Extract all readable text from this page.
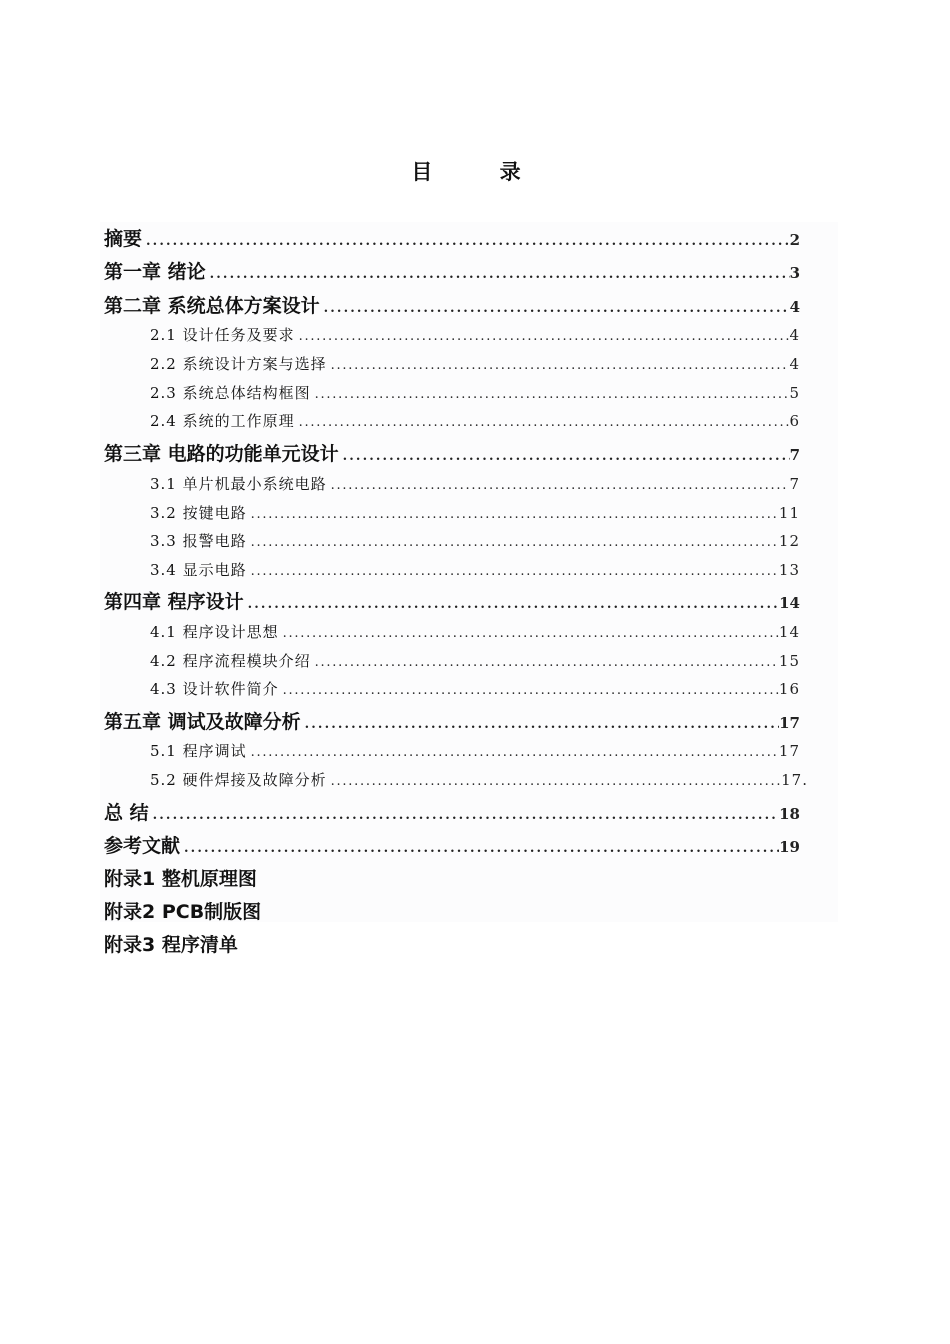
目 录
摘要 . . .	2
第一章 绪论 . . .	3
第二章 系统总体方案设计 . . .	4
2.1 设计任务及要求 . . .	4
2.2 系统设计方案与选择 . . .	4
2.3 系统总体结构框图 . . .	5
2.4 系统的工作原理 . . .	6
第三章 电路的功能单元设计 . . .	7
3.1 单片机最小系统电路 . . .	7
3.2 按键电路 . . .	11
3.3 报警电路 . . .	12
3.4 显示电路 . . .	13
第四章 程序设计 . . .	14
4.1 程序设计思想 . . .	14
4.2 程序流程模块介绍 . . .	15
4.3 设计软件简介 . . .	16
第五章 调试及故障分析 . . .	17
5.1 程序调试 . . .	17
5.2 硬件焊接及故障分析 . . .	17.
总 结 . . .	18
参考文献 . . .	19
附录1 整机原理图
附录2 PCB制版图
附录3 程序清单
